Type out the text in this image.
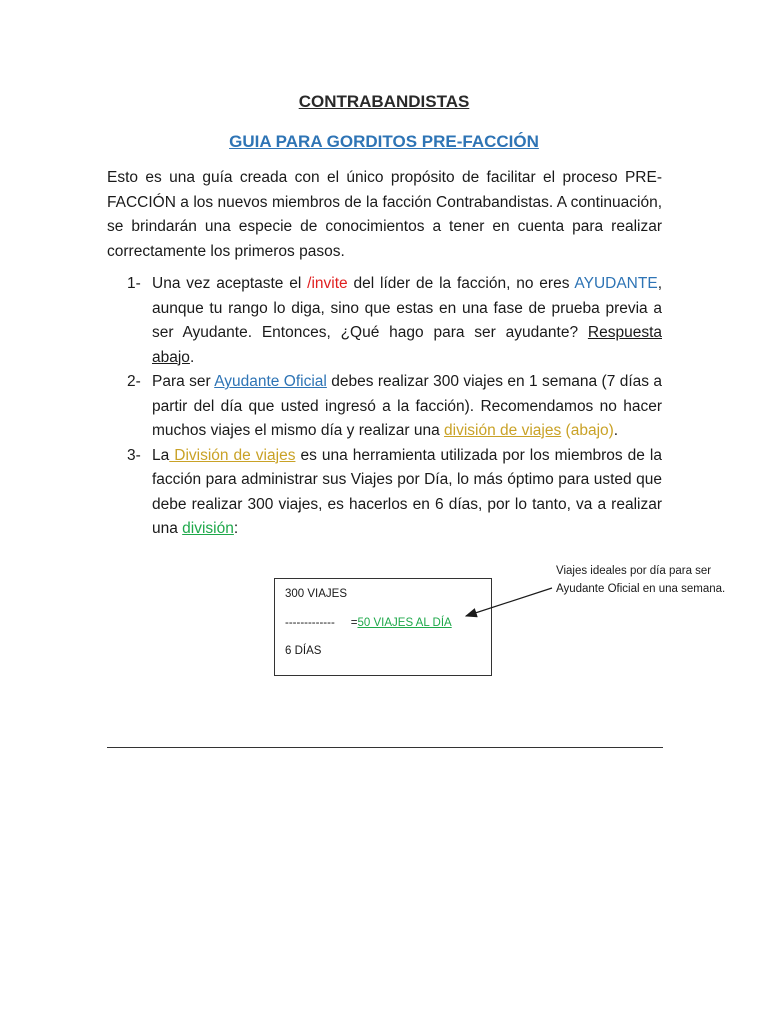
CONTRABANDISTAS
GUIA PARA GORDITOS PRE-FACCIÓN

Esto es una guía creada con el único propósito de facilitar el proceso PRE-FACCIÓN a los nuevos miembros de la facción Contrabandistas. A continuación, se brindarán una especie de conocimientos a tener en cuenta para realizar correctamente los primeros pasos.

1- Una vez aceptaste el /invite del líder de la facción, no eres AYUDANTE, aunque tu rango lo diga, sino que estas en una fase de prueba previa a ser Ayudante. Entonces, ¿Qué hago para ser ayudante? Respuesta abajo.
2- Para ser Ayudante Oficial debes realizar 300 viajes en 1 semana (7 días a partir del día que usted ingresó a la facción). Recomendamos no hacer muchos viajes el mismo día y realizar una división de viajes (abajo).
3- La División de viajes es una herramienta utilizada por los miembros de la facción para administrar sus Viajes por Día, lo más óptimo para usted que debe realizar 300 viajes, es hacerlos en 6 días, por lo tanto, va a realizar una división:
300 VIAJES
------------- =50 VIAJES AL DÍA
6 DÍAS
Viajes ideales por día para ser Ayudante Oficial en una semana.
